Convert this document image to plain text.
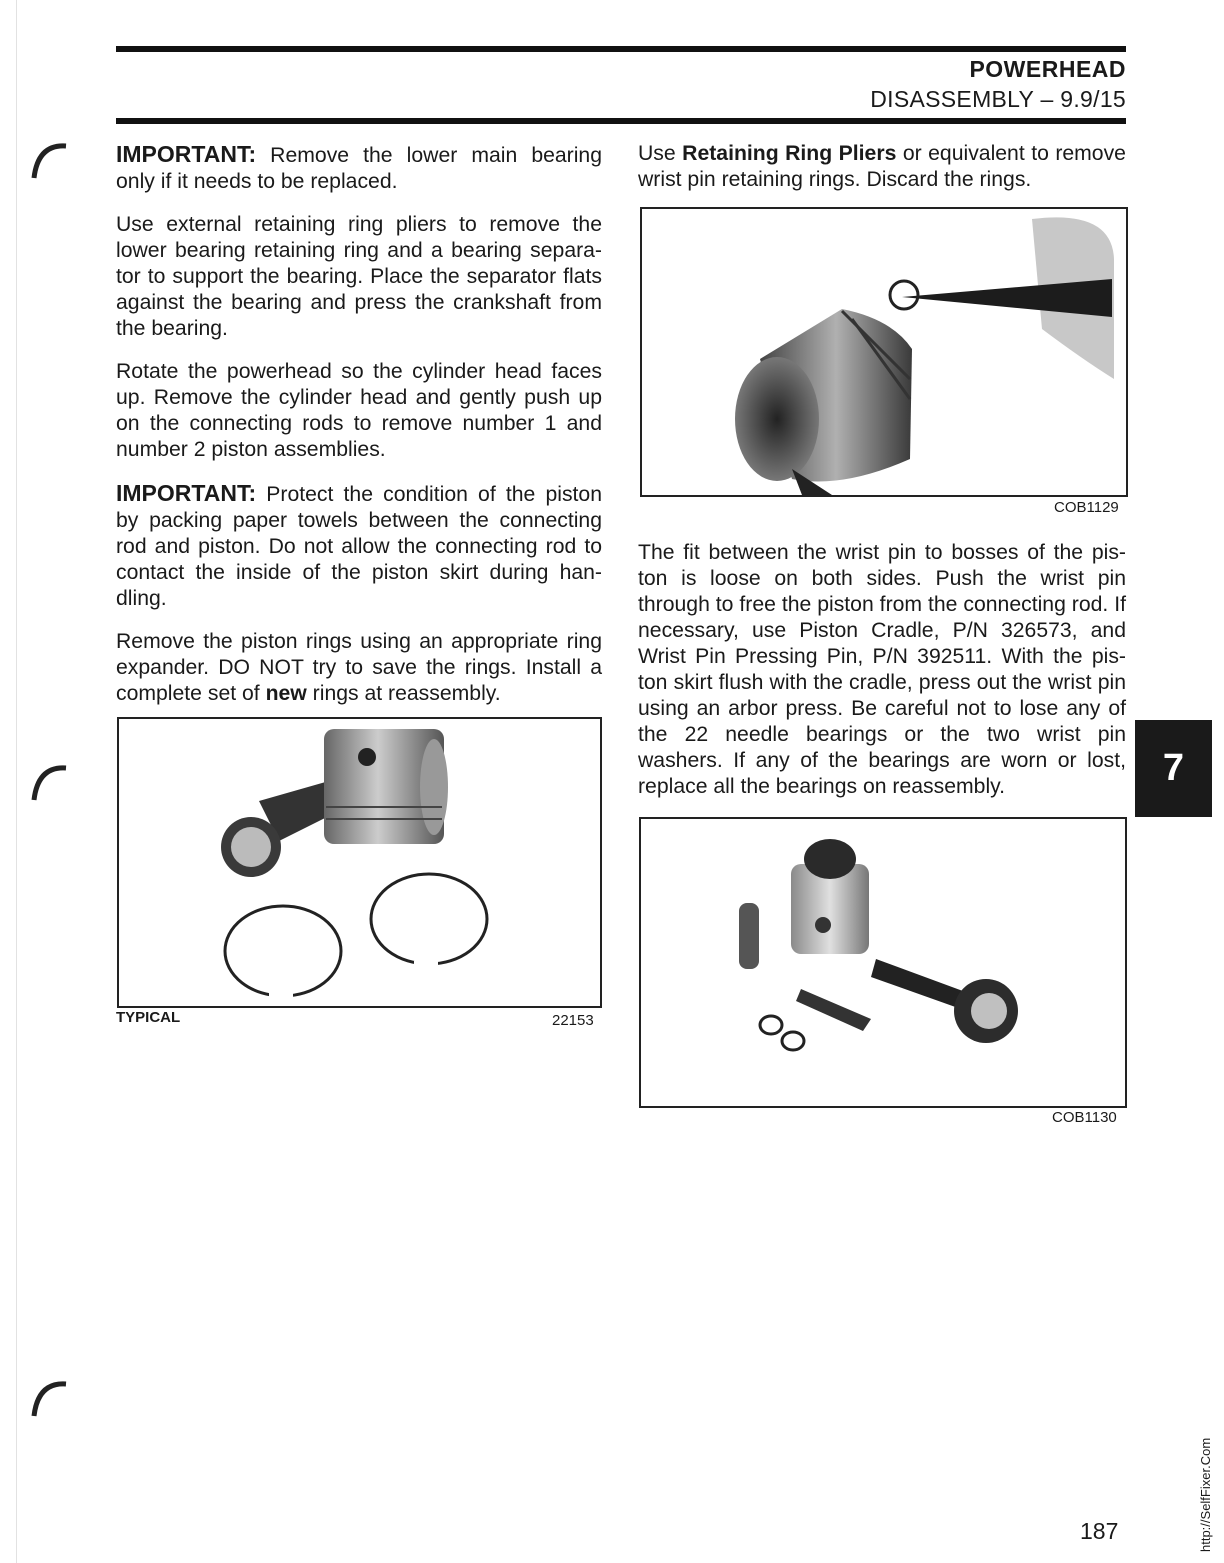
POWERHEAD
DISASSEMBLY – 9.9/15

IMPORTANT: Remove the lower main bearing only if it needs to be replaced.

Use external retaining ring pliers to remove the lower bearing retaining ring and a bearing separa-tor to support the bearing. Place the separator flats against the bearing and press the crankshaft from the bearing.

Rotate the powerhead so the cylinder head faces up. Remove the cylinder head and gently push up on the connecting rods to remove number 1 and number 2 piston assemblies.

IMPORTANT: Protect the condition of the piston by packing paper towels between the connecting rod and piston. Do not allow the connecting rod to contact the inside of the piston skirt during han-dling.

Remove the piston rings using an appropriate ring expander. DO NOT try to save the rings. Install a complete set of new rings at reassembly.

TYPICAL	22153

Use Retaining Ring Pliers or equivalent to remove wrist pin retaining rings. Discard the rings.

COB1129

The fit between the wrist pin to bosses of the pis-ton is loose on both sides. Push the wrist pin through to free the piston from the connecting rod. If necessary, use Piston Cradle, P/N 326573, and Wrist Pin Pressing Pin, P/N 392511. With the pis-ton skirt flush with the cradle, press out the wrist pin using an arbor press. Be careful not to lose any of the 22 needle bearings or the two wrist pin washers. If any of the bearings are worn or lost, replace all the bearings on reassembly.

COB1130
7
187	http://SelfFixer.Com
